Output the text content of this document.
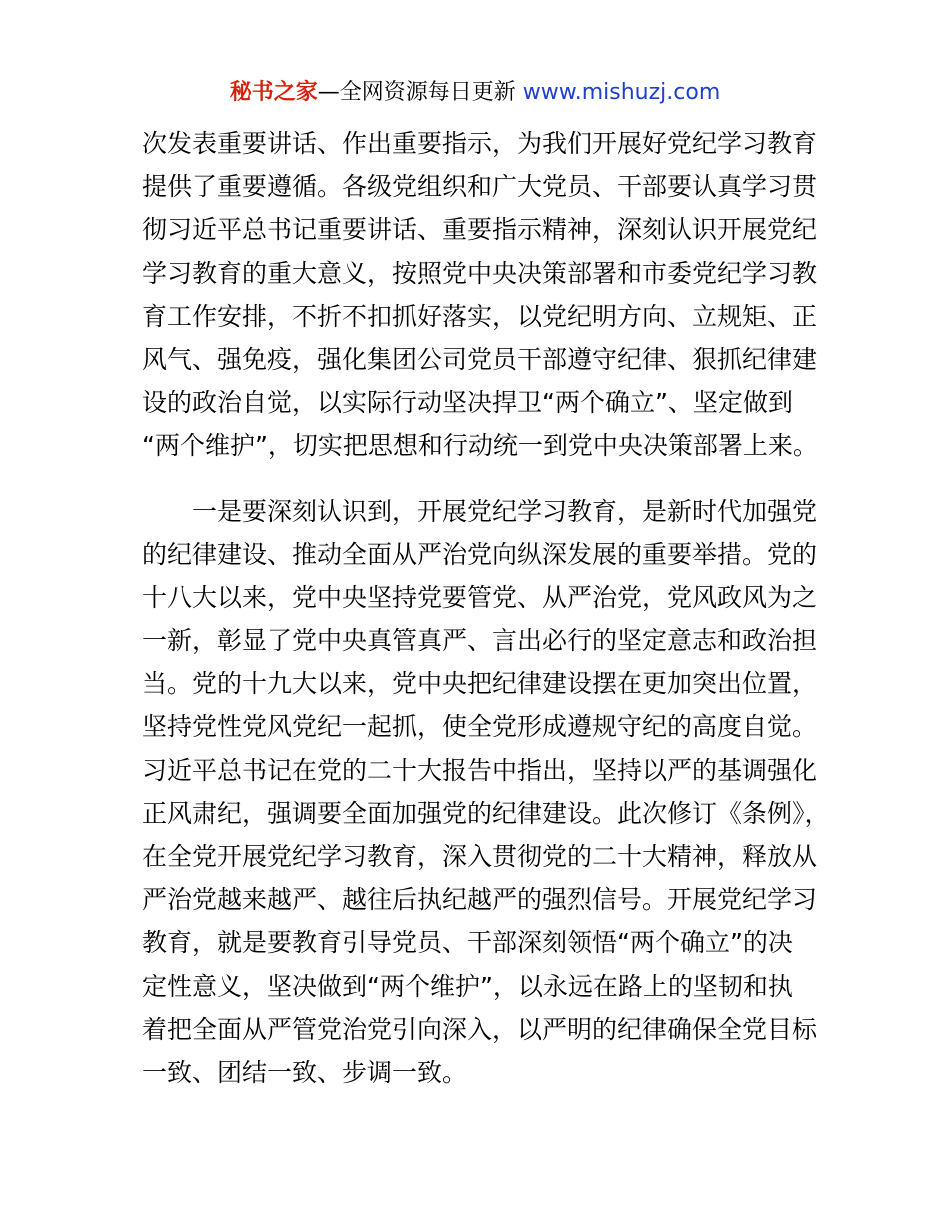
秘书之家—全网资源每日更新 www.mishuzj.com
次发表重要讲话、作出重要指示，为我们开展好党纪学习教育
提供了重要遵循。各级党组织和广大党员、干部要认真学习贯
彻习近平总书记重要讲话、重要指示精神，深刻认识开展党纪
学习教育的重大意义，按照党中央决策部署和市委党纪学习教
育工作安排，不折不扣抓好落实，以党纪明方向、立规矩、正
风气、强免疫，强化集团公司党员干部遵守纪律、狠抓纪律建
设的政治自觉，以实际行动坚决捍卫“两个确立”、坚定做到
“两个维护”，切实把思想和行动统一到党中央决策部署上来。
　　一是要深刻认识到，开展党纪学习教育，是新时代加强党
的纪律建设、推动全面从严治党向纵深发展的重要举措。党的
十八大以来，党中央坚持党要管党、从严治党，党风政风为之
一新，彰显了党中央真管真严、言出必行的坚定意志和政治担
当。党的十九大以来，党中央把纪律建设摆在更加突出位置，
坚持党性党风党纪一起抓，使全党形成遵规守纪的高度自觉。
习近平总书记在党的二十大报告中指出，坚持以严的基调强化
正风肃纪，强调要全面加强党的纪律建设。此次修订《条例》，
在全党开展党纪学习教育，深入贯彻党的二十大精神，释放从
严治党越来越严、越往后执纪越严的强烈信号。开展党纪学习
教育，就是要教育引导党员、干部深刻领悟“两个确立”的决
定性意义，坚决做到“两个维护”，以永远在路上的坚韧和执
着把全面从严管党治党引向深入，以严明的纪律确保全党目标
一致、团结一致、步调一致。
